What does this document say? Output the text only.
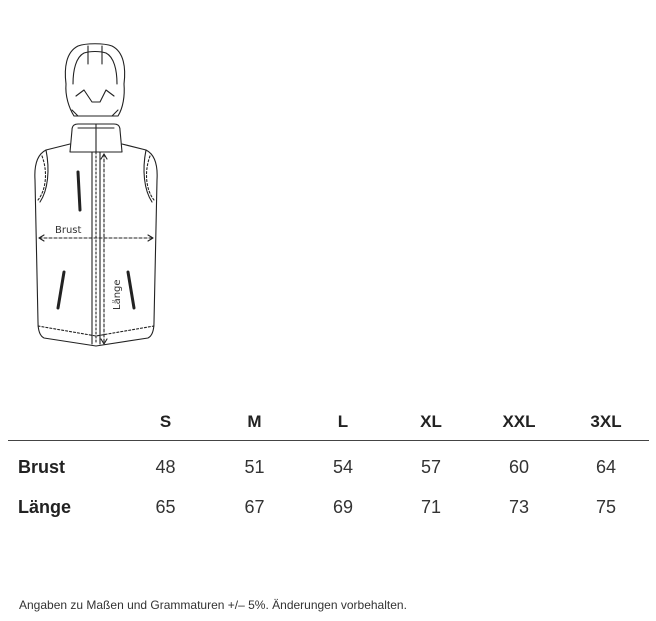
Brust
Länge
	S	M	L	XL	XXL	3XL
Brust	48	51	54	57	60	64
Länge	65	67	69	71	73	75
Angaben zu Maßen und Grammaturen +/– 5%. Änderungen vorbehalten.
